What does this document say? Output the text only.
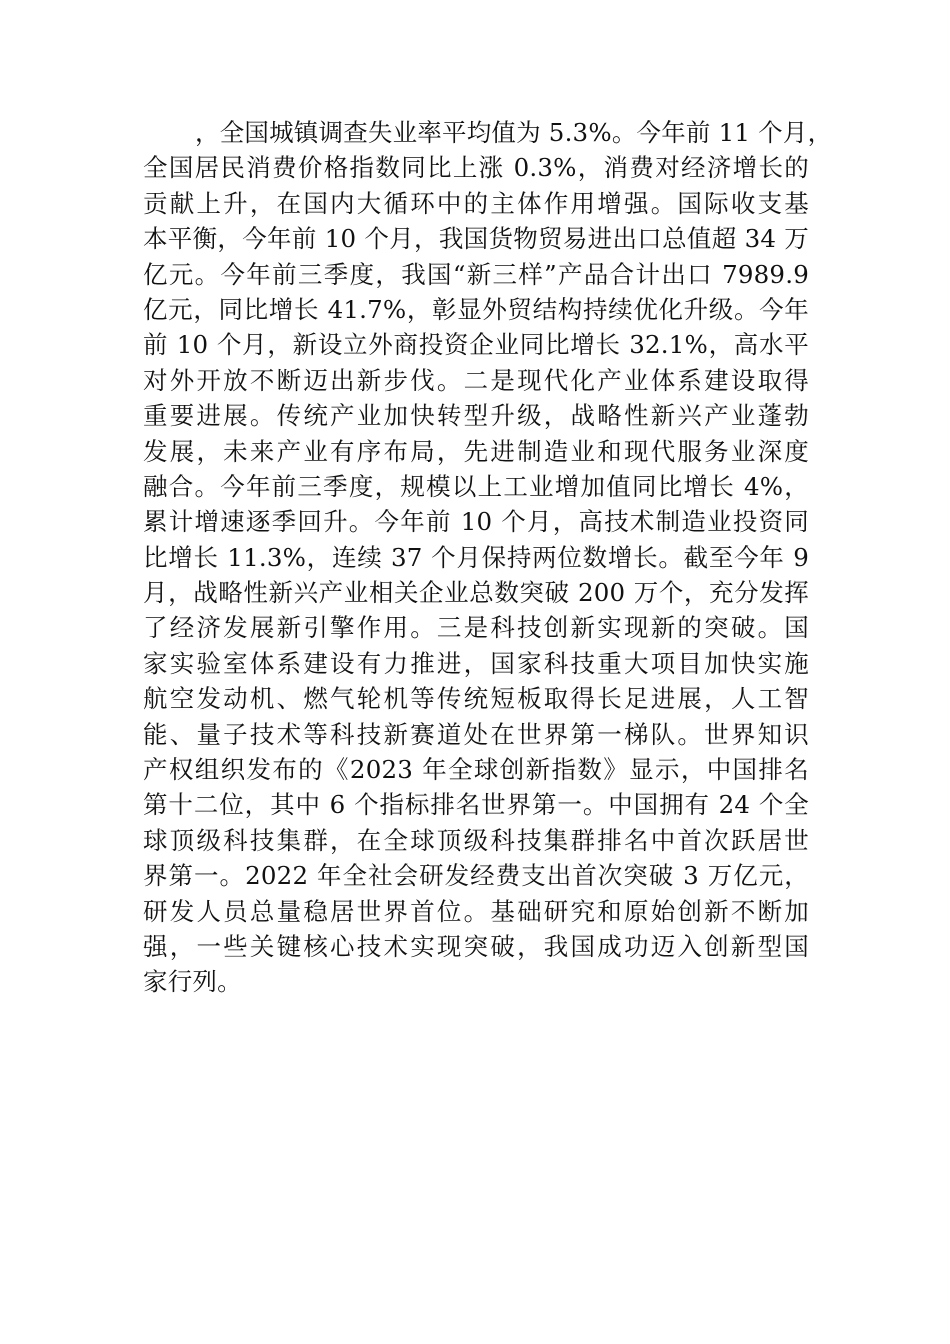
，全国城镇调查失业率平均值为 5.3%。今年前 11 个月，
全国居民消费价格指数同比上涨 0.3%，消费对经济增长的
贡献上升，在国内大循环中的主体作用增强。国际收支基
本平衡，今年前 10 个月，我国货物贸易进出口总值超 34 万
亿元。今年前三季度，我国“新三样”产品合计出口 7989.9
亿元，同比增长 41.7%，彰显外贸结构持续优化升级。今年
前 10 个月，新设立外商投资企业同比增长 32.1%，高水平
对外开放不断迈出新步伐。二是现代化产业体系建设取得
重要进展。传统产业加快转型升级，战略性新兴产业蓬勃
发展，未来产业有序布局，先进制造业和现代服务业深度
融合。今年前三季度，规模以上工业增加值同比增长 4%，
累计增速逐季回升。今年前 10 个月，高技术制造业投资同
比增长 11.3%，连续 37 个月保持两位数增长。截至今年 9
月，战略性新兴产业相关企业总数突破 200 万个，充分发挥
了经济发展新引擎作用。三是科技创新实现新的突破。国
家实验室体系建设有力推进，国家科技重大项目加快实施
航空发动机、燃气轮机等传统短板取得长足进展，人工智
能、量子技术等科技新赛道处在世界第一梯队。世界知识
产权组织发布的《2023 年全球创新指数》显示，中国排名
第十二位，其中 6 个指标排名世界第一。中国拥有 24 个全
球顶级科技集群，在全球顶级科技集群排名中首次跃居世
界第一。2022 年全社会研发经费支出首次突破 3 万亿元，
研发人员总量稳居世界首位。基础研究和原始创新不断加
强，一些关键核心技术实现突破，我国成功迈入创新型国
家行列。
